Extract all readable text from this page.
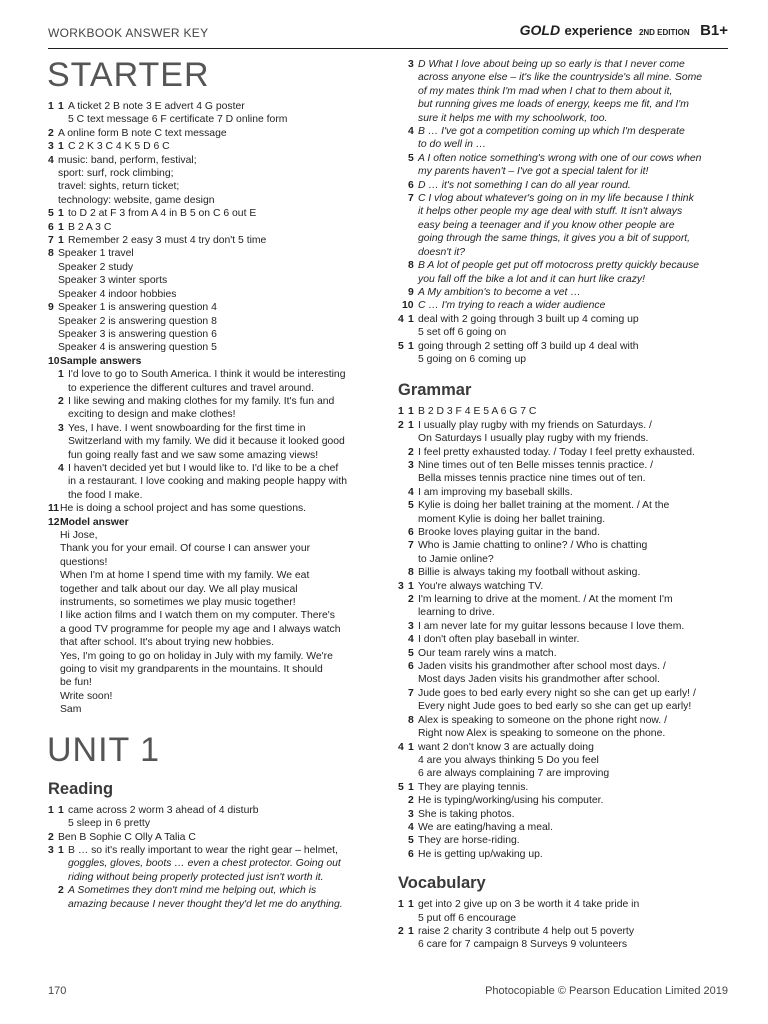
WORKBOOK ANSWER KEY	GOLD experience 2ND EDITION B1+
STARTER
1 1 A ticket 2 B note 3 E advert 4 G poster
5 C text message 6 F certificate 7 D online form
2 A online form B note C text message
3 1 C 2 K 3 C 4 K 5 D 6 C
4 music: band, perform, festival;
sport: surf, rock climbing;
travel: sights, return ticket;
technology: website, game design
5 1 to D 2 at F 3 from A 4 in B 5 on C 6 out E
6 1 B 2 A 3 C
7 1 Remember 2 easy 3 must 4 try don't 5 time
8 Speaker 1 travel
Speaker 2 study
Speaker 3 winter sports
Speaker 4 indoor hobbies
9 Speaker 1 is answering question 4
Speaker 2 is answering question 8
Speaker 3 is answering question 6
Speaker 4 is answering question 5
10 Sample answers
1 I'd love to go to South America. I think it would be interesting
to experience the different cultures and travel around.
2 I like sewing and making clothes for my family. It's fun and
exciting to design and make clothes!
3 Yes, I have. I went snowboarding for the first time in
Switzerland with my family. We did it because it looked good
fun going really fast and we saw some amazing views!
4 I haven't decided yet but I would like to. I'd like to be a chef
in a restaurant. I love cooking and making people happy with
the food I make.
11 He is doing a school project and has some questions.
12 Model answer
Hi Jose,
Thank you for your email. Of course I can answer your
questions!
When I'm at home I spend time with my family. We eat
together and talk about our day. We all play musical
instruments, so sometimes we play music together!
I like action films and I watch them on my computer. There's
a good TV programme for people my age and I always watch
that after school. It's about trying new hobbies.
Yes, I'm going to go on holiday in July with my family. We're
going to visit my grandparents in the mountains. It should
be fun!
Write soon!
Sam
UNIT 1
Reading
1 1 came across 2 worm 3 ahead of 4 disturb
5 sleep in 6 pretty
2 Ben B Sophie C Olly A Talia C
3 1 B … so it's really important to wear the right gear – helmet,
goggles, gloves, boots … even a chest protector. Going out
riding without being properly protected just isn't worth it.
2 A Sometimes they don't mind me helping out, which is
amazing because I never thought they'd let me do anything.
3 D What I love about being up so early is that I never come
across anyone else – it's like the countryside's all mine. Some
of my mates think I'm mad when I chat to them about it,
but running gives me loads of energy, keeps me fit, and I'm
sure it helps me with my schoolwork, too.
4 B … I've got a competition coming up which I'm desperate
to do well in …
5 A I often notice something's wrong with one of our cows when
my parents haven't – I've got a special talent for it!
6 D … it's not something I can do all year round.
7 C I vlog about whatever's going on in my life because I think
it helps other people my age deal with stuff. It isn't always
easy being a teenager and if you know other people are
going through the same things, it gives you a bit of support,
doesn't it?
8 B A lot of people get put off motocross pretty quickly because
you fall off the bike a lot and it can hurt like crazy!
9 A My ambition's to become a vet …
10 C … I'm trying to reach a wider audience
4 1 deal with 2 going through 3 built up 4 coming up
5 set off 6 going on
5 1 going through 2 setting off 3 build up 4 deal with
5 going on 6 coming up
Grammar
1 1 B 2 D 3 F 4 E 5 A 6 G 7 C
2 1 I usually play rugby with my friends on Saturdays. /
On Saturdays I usually play rugby with my friends.
2 I feel pretty exhausted today. / Today I feel pretty exhausted.
3 Nine times out of ten Belle misses tennis practice. /
Bella misses tennis practice nine times out of ten.
4 I am improving my baseball skills.
5 Kylie is doing her ballet training at the moment. / At the
moment Kylie is doing her ballet training.
6 Brooke loves playing guitar in the band.
7 Who is Jamie chatting to online? / Who is chatting
to Jamie online?
8 Billie is always taking my football without asking.
3 1 You're always watching TV.
2 I'm learning to drive at the moment. / At the moment I'm
learning to drive.
3 I am never late for my guitar lessons because I love them.
4 I don't often play baseball in winter.
5 Our team rarely wins a match.
6 Jaden visits his grandmother after school most days. /
Most days Jaden visits his grandmother after school.
7 Jude goes to bed early every night so she can get up early! /
Every night Jude goes to bed early so she can get up early!
8 Alex is speaking to someone on the phone right now. /
Right now Alex is speaking to someone on the phone.
4 1 want 2 don't know 3 are actually doing
4 are you always thinking 5 Do you feel
6 are always complaining 7 are improving
5 1 They are playing tennis.
2 He is typing/working/using his computer.
3 She is taking photos.
4 We are eating/having a meal.
5 They are horse-riding.
6 He is getting up/waking up.
Vocabulary
1 1 get into 2 give up on 3 be worth it 4 take pride in
5 put off 6 encourage
2 1 raise 2 charity 3 contribute 4 help out 5 poverty
6 care for 7 campaign 8 Surveys 9 volunteers
170	Photocopiable © Pearson Education Limited 2019
